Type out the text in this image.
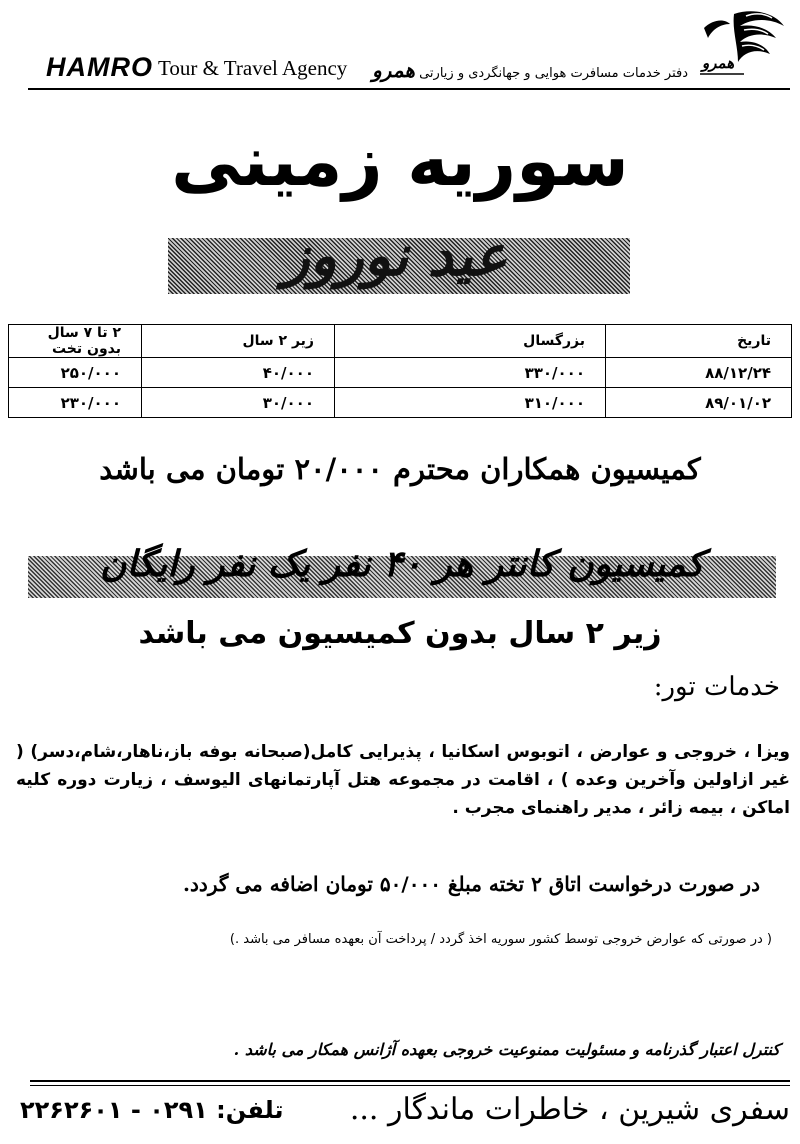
همرو
HAMRO Tour & Travel Agency	دفتر خدمات مسافرت هوایی و جهانگردی و زیارتی همرو
سوریه زمینی
عید نوروز
تاریخ	بزرگسال	زیر ۲ سال	۲ تا ۷ سال بدون تخت
۸۸/۱۲/۲۴	۳۳۰/۰۰۰	۴۰/۰۰۰	۲۵۰/۰۰۰
۸۹/۰۱/۰۲	۳۱۰/۰۰۰	۳۰/۰۰۰	۲۳۰/۰۰۰
کمیسیون همکاران محترم ۲۰/۰۰۰ تومان می باشد
کمیسیون کانتر هر ۴۰ نفر یک نفر رایگان
زیر ۲ سال بدون کمیسیون می باشد
خدمات تور:
ویزا ، خروجی و عوارض ، اتوبوس اسکانیا ، پذیرایی کامل(صبحانه بوفه باز،ناهار،شام،دسر) ( غیر ازاولین وآخرین وعده ) ، اقامت در مجموعه هتل آپارتمانهای الیوسف ، زیارت دوره کلیه اماکن ، بیمه زائر ، مدیر راهنمای مجرب .
در صورت درخواست اتاق ۲ تخته مبلغ ۵۰/۰۰۰ تومان اضافه می گردد.
( در صورتی که عوارض خروجی توسط کشور سوریه اخذ گردد / پرداخت آن بعهده مسافر می باشد .)
کنترل اعتبار گذرنامه و مسئولیت ممنوعیت خروجی بعهده آژانس همکار می باشد .
سفری شیرین ، خاطرات ماندگار ...
تلفن: ۰۲۹۱ - ۲۲۶۲۶۰۱
